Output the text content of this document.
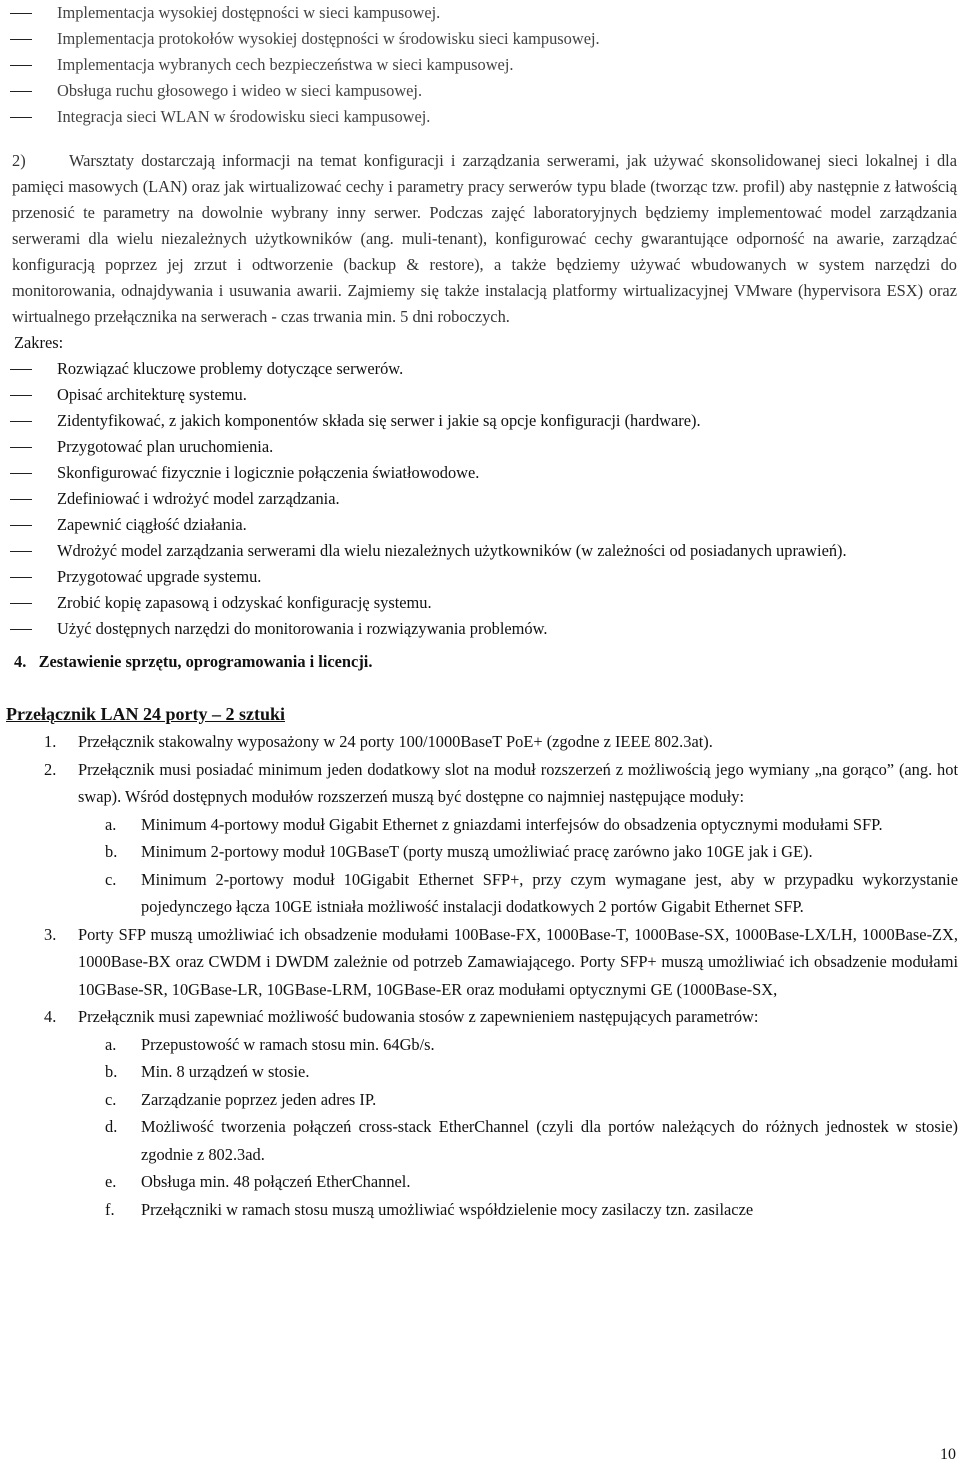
Implementacja wysokiej dostępności w sieci kampusowej.
Implementacja protokołów wysokiej dostępności w środowisku sieci kampusowej.
Implementacja wybranych cech bezpieczeństwa w sieci kampusowej.
Obsługa ruchu głosowego i wideo w sieci kampusowej.
Integracja sieci WLAN w środowisku sieci kampusowej.

2)	Warsztaty dostarczają informacji na temat konfiguracji i zarządzania serwerami, jak używać skonsolidowanej sieci lokalnej i dla pamięci masowych (LAN) oraz jak wirtualizować cechy i parametry pracy serwerów typu blade (tworząc tzw. profil) aby następnie z łatwością przenosić te parametry na dowolnie wybrany inny serwer. Podczas zajęć laboratoryjnych będziemy implementować model zarządzania serwerami dla wielu niezależnych użytkowników (ang. muli-tenant), konfigurować cechy gwarantujące odporność na awarie, zarządzać konfiguracją poprzez jej zrzut i odtworzenie (backup & restore), a także będziemy używać wbudowanych w system narzędzi do monitorowania, odnajdywania i usuwania awarii. Zajmiemy się także instalacją platformy wirtualizacyjnej VMware (hypervisora ESX) oraz wirtualnego przełącznika na serwerach - czas trwania min. 5 dni roboczych.

Zakres:

Rozwiązać kluczowe problemy dotyczące serwerów.
Opisać architekturę systemu.
Zidentyfikować, z jakich komponentów składa się serwer i jakie są opcje konfiguracji (hardware).
Przygotować plan uruchomienia.
Skonfigurować fizycznie i logicznie połączenia światłowodowe.
Zdefiniować i wdrożyć model zarządzania.
Zapewnić ciągłość działania.
Wdrożyć model zarządzania serwerami dla wielu niezależnych użytkowników (w zależności od posiadanych uprawień).
Przygotować upgrade systemu.
Zrobić kopię zapasową i odzyskać konfigurację systemu.
Użyć dostępnych narzędzi do monitorowania i rozwiązywania problemów.

4. Zestawienie sprzętu, oprogramowania i licencji.

Przełącznik LAN 24 porty – 2 sztuki

1. Przełącznik stakowalny wyposażony w 24 porty 100/1000BaseT PoE+ (zgodne z IEEE 802.3at).
2. Przełącznik musi posiadać minimum jeden dodatkowy slot na moduł rozszerzeń z możliwością jego wymiany „na gorąco” (ang. hot swap). Wśród dostępnych modułów rozszerzeń muszą być dostępne co najmniej następujące moduły:
a. Minimum 4-portowy moduł Gigabit Ethernet z gniazdami interfejsów do obsadzenia optycznymi modułami SFP.
b. Minimum 2-portowy moduł 10GBaseT (porty muszą umożliwiać pracę zarówno jako 10GE jak i GE).
c. Minimum 2-portowy moduł 10Gigabit Ethernet SFP+, przy czym wymagane jest, aby w przypadku wykorzystanie pojedynczego łącza 10GE istniała możliwość instalacji dodatkowych 2 portów Gigabit Ethernet SFP.
3. Porty SFP muszą umożliwiać ich obsadzenie modułami 100Base-FX, 1000Base-T, 1000Base-SX, 1000Base-LX/LH, 1000Base-ZX, 1000Base-BX oraz CWDM i DWDM zależnie od potrzeb Zamawiającego. Porty SFP+ muszą umożliwiać ich obsadzenie modułami 10GBase-SR, 10GBase-LR, 10GBase-LRM, 10GBase-ER oraz modułami optycznymi GE (1000Base-SX,
4. Przełącznik musi zapewniać możliwość budowania stosów z zapewnieniem następujących parametrów:
a. Przepustowość w ramach stosu min. 64Gb/s.
b. Min. 8 urządzeń w stosie.
c. Zarządzanie poprzez jeden adres IP.
d. Możliwość tworzenia połączeń cross-stack EtherChannel (czyli dla portów należących do różnych jednostek w stosie) zgodnie z 802.3ad.
e. Obsługa min. 48 połączeń EtherChannel.
f. Przełączniki w ramach stosu muszą umożliwiać współdzielenie mocy zasilaczy tzn. zasilacze

10
